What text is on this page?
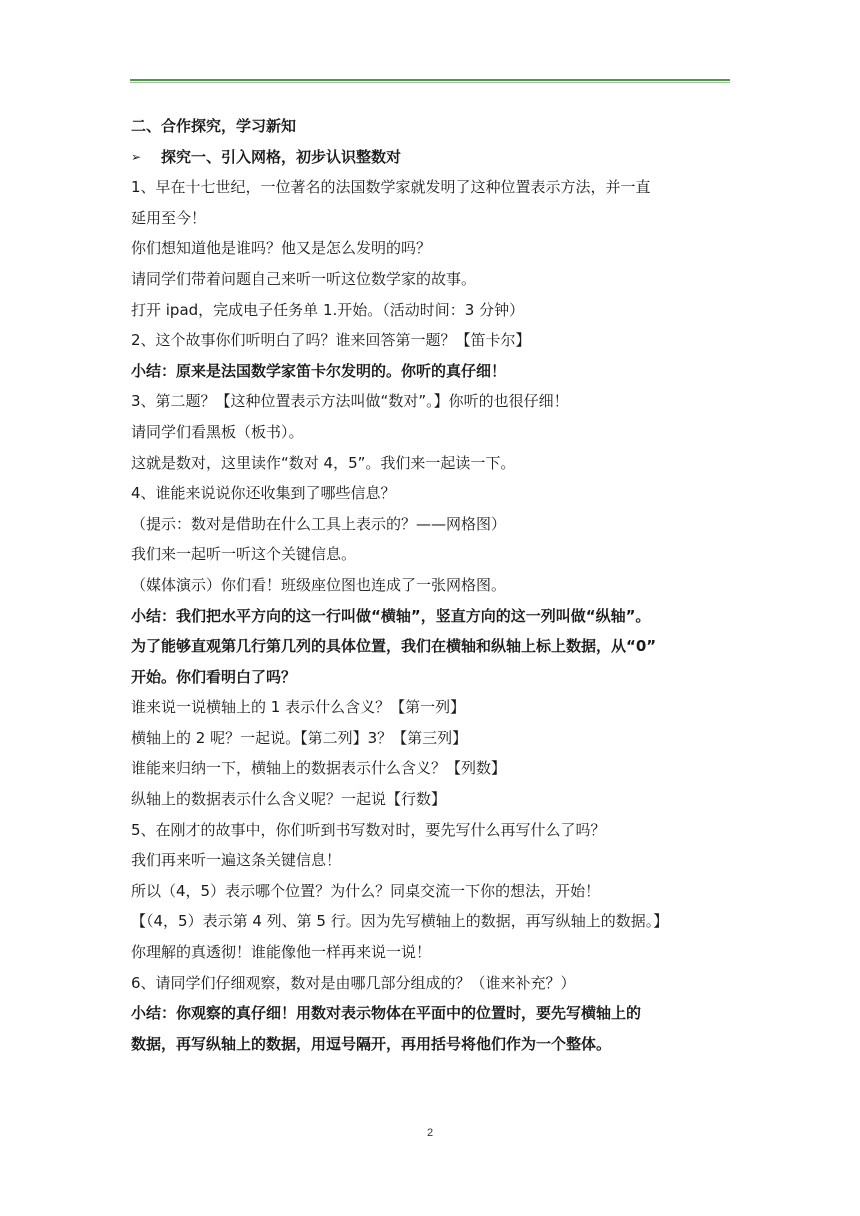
二、合作探究，学习新知
➢	探究一、引入网格，初步认识整数对
1、早在十七世纪，一位著名的法国数学家就发明了这种位置表示方法，并一直
延用至今！
你们想知道他是谁吗？他又是怎么发明的吗？
请同学们带着问题自己来听一听这位数学家的故事。
打开 ipad，完成电子任务单 1.开始。（活动时间：3 分钟）
2、这个故事你们听明白了吗？谁来回答第一题？【笛卡尔】
小结：原来是法国数学家笛卡尔发明的。你听的真仔细！
3、第二题？【这种位置表示方法叫做“数对”。】你听的也很仔细！
请同学们看黑板（板书）。
这就是数对，这里读作“数对 4，5”。我们来一起读一下。
4、谁能来说说你还收集到了哪些信息？
（提示：数对是借助在什么工具上表示的？——网格图）
我们来一起听一听这个关键信息。
（媒体演示）你们看！班级座位图也连成了一张网格图。
小结：我们把水平方向的这一行叫做“横轴”，竖直方向的这一列叫做“纵轴”。
为了能够直观第几行第几列的具体位置，我们在横轴和纵轴上标上数据，从“0”
开始。你们看明白了吗？
谁来说一说横轴上的 1 表示什么含义？【第一列】
横轴上的 2 呢？一起说。【第二列】3？【第三列】
谁能来归纳一下，横轴上的数据表示什么含义？【列数】
纵轴上的数据表示什么含义呢？一起说【行数】
5、在刚才的故事中，你们听到书写数对时，要先写什么再写什么了吗？
我们再来听一遍这条关键信息！
所以（4，5）表示哪个位置？为什么？同桌交流一下你的想法，开始！
【（4，5）表示第 4 列、第 5 行。因为先写横轴上的数据，再写纵轴上的数据。】
你理解的真透彻！谁能像他一样再来说一说！
6、请同学们仔细观察，数对是由哪几部分组成的？（谁来补充？）
小结：你观察的真仔细！用数对表示物体在平面中的位置时，要先写横轴上的
数据，再写纵轴上的数据，用逗号隔开，再用括号将他们作为一个整体。
2
